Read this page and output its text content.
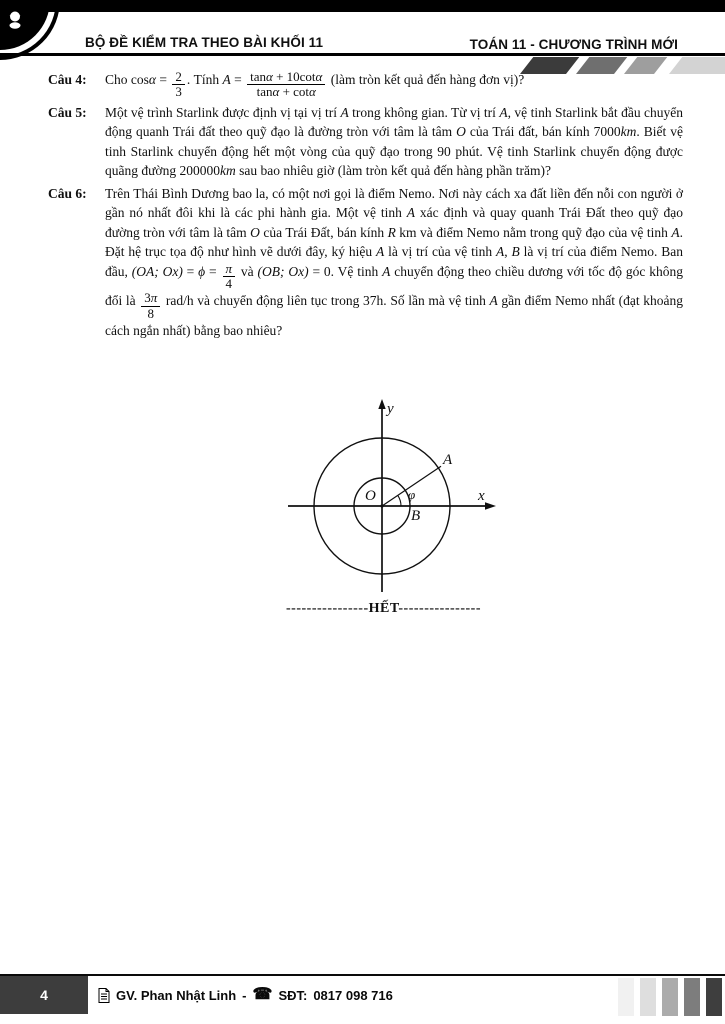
BỘ ĐỀ KIỂM TRA THEO BÀI KHỐI 11	TOÁN 11 - CHƯƠNG TRÌNH MỚI
Câu 4:	Cho $\cos\alpha = \frac{2}{3}$ . Tính $A = \frac{\tan\alpha + 10\cot\alpha}{\tan\alpha + \cot\alpha}$ (làm tròn kết quả đến hàng đơn vị)?
Câu 5:	Một vệ trình Starlink được định vị tại vị trí A trong không gian. Từ vị trí A, vệ tinh Starlink bắt đầu chuyển động quanh Trái đất theo quỹ đạo là đường tròn với tâm là tâm O của Trái đất, bán kính 7000km. Biết vệ tinh Starlink chuyển động hết một vòng của quỹ đạo trong 90 phút. Vệ tinh Starlink chuyển động được quãng đường 200000km sau bao nhiêu giờ (làm tròn kết quả đến hàng phần trăm)?
Câu 6:	Trên Thái Bình Dương bao la, có một nơi gọi là điểm Nemo. Nơi này cách xa đất liền đến nỗi con người ở gần nó nhất đôi khi là các phi hành gia. Một vệ tinh A xác định và quay quanh Trái Đất theo quỹ đạo đường tròn với tâm là tâm O của Trái Đất, bán kính R km và điểm Nemo nằm trong quỹ đạo của vệ tinh A. Đặt hệ trục tọa độ như hình vẽ dưới đây, ký hiệu A là vị trí của vệ tinh A, B là vị trí của điểm Nemo. Ban đầu, (OA; $Ox) = \phi = \frac{\pi}{4}$ và (OB; Ox) = 0. Vệ tinh A chuyển động theo chiều dương với tốc độ góc không đổi là $\frac{3\pi}{8} rad/h$ và chuyển động liên tục trong 37h. Số lần mà vệ tinh A gần điểm Nemo nhất (đạt khoảng cách ngắn nhất) bằng bao nhiêu?
y
x
O
A
B
φ
----------------HẾT----------------
4	GV. Phan Nhật Linh - ☎ SĐT: 0817 098 716
